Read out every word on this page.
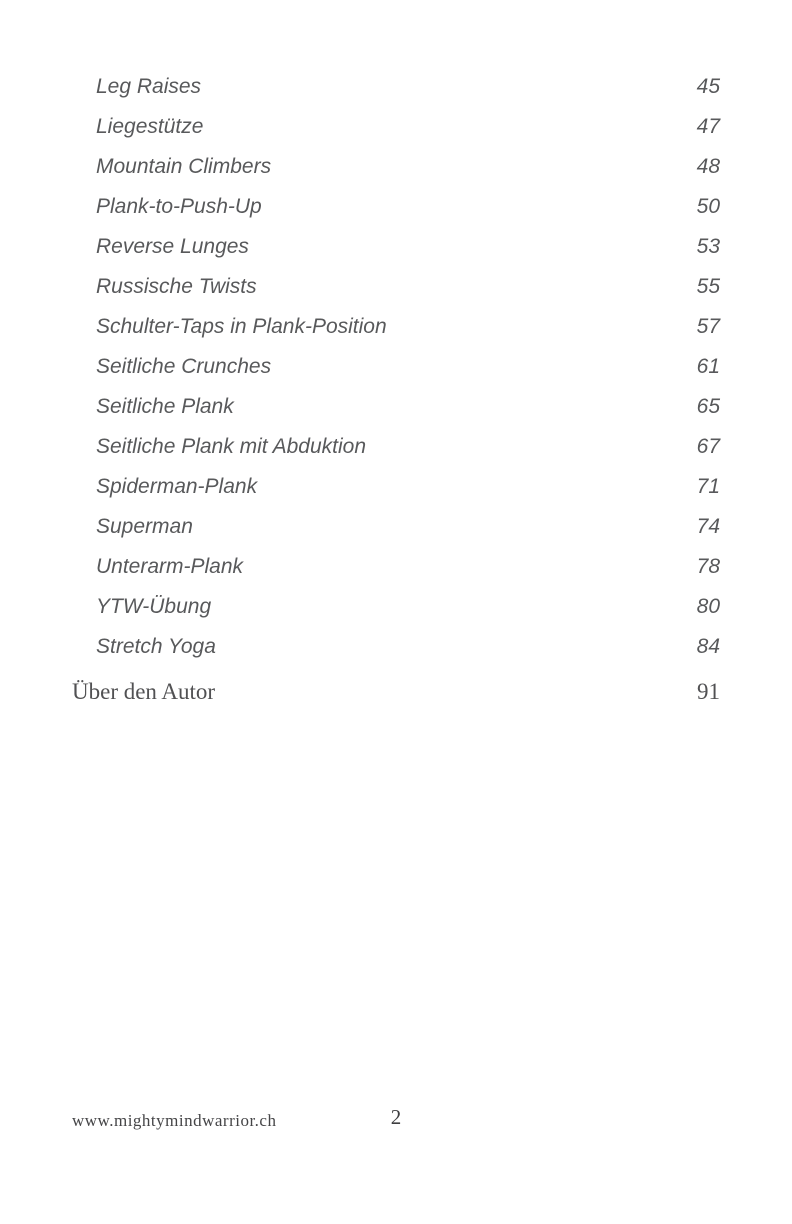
Leg Raises	45
Liegestütze	47
Mountain Climbers	48
Plank-to-Push-Up	50
Reverse Lunges	53
Russische Twists	55
Schulter-Taps in Plank-Position	57
Seitliche Crunches	61
Seitliche Plank	65
Seitliche Plank mit Abduktion	67
Spiderman-Plank	71
Superman	74
Unterarm-Plank	78
YTW-Übung	80
Stretch Yoga	84
Über den Autor	91
www.mightymindwarrior.ch	2
